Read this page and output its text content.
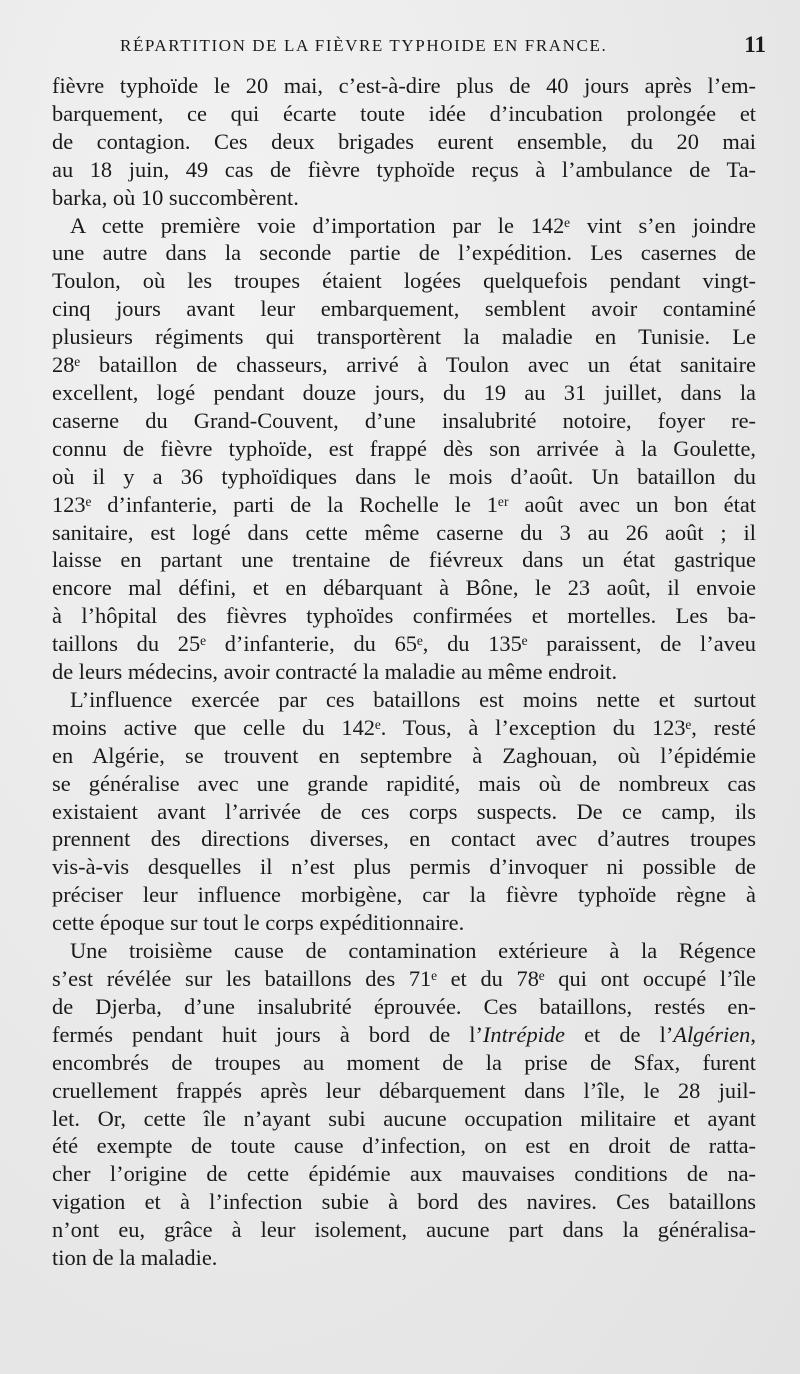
RÉPARTITION DE LA FIÈVRE TYPHOIDE EN FRANCE.	11
fièvre typhoïde le 20 mai, c’est-à-dire plus de 40 jours après l’em-
barquement, ce qui écarte toute idée d’incubation prolongée et
de contagion. Ces deux brigades eurent ensemble, du 20 mai
au 18 juin, 49 cas de fièvre typhoïde reçus à l’ambulance de Ta-
barka, où 10 succombèrent.
A cette première voie d’importation par le 142ᵉ vint s’en joindre
une autre dans la seconde partie de l’expédition. Les casernes de
Toulon, où les troupes étaient logées quelquefois pendant vingt-
cinq jours avant leur embarquement, semblent avoir contaminé
plusieurs régiments qui transportèrent la maladie en Tunisie. Le
28ᵉ bataillon de chasseurs, arrivé à Toulon avec un état sanitaire
excellent, logé pendant douze jours, du 19 au 31 juillet, dans la
caserne du Grand-Couvent, d’une insalubrité notoire, foyer re-
connu de fièvre typhoïde, est frappé dès son arrivée à la Goulette,
où il y a 36 typhoïdiques dans le mois d’août. Un bataillon du
123ᵉ d’infanterie, parti de la Rochelle le 1ᵉʳ août avec un bon état
sanitaire, est logé dans cette même caserne du 3 au 26 août ; il
laisse en partant une trentaine de fiévreux dans un état gastrique
encore mal défini, et en débarquant à Bône, le 23 août, il envoie
à l’hôpital des fièvres typhoïdes confirmées et mortelles. Les ba-
taillons du 25ᵉ d’infanterie, du 65ᵉ, du 135ᵉ paraissent, de l’aveu
de leurs médecins, avoir contracté la maladie au même endroit.
L’influence exercée par ces bataillons est moins nette et surtout
moins active que celle du 142ᵉ. Tous, à l’exception du 123ᵉ, resté
en Algérie, se trouvent en septembre à Zaghouan, où l’épidémie
se généralise avec une grande rapidité, mais où de nombreux cas
existaient avant l’arrivée de ces corps suspects. De ce camp, ils
prennent des directions diverses, en contact avec d’autres troupes
vis-à-vis desquelles il n’est plus permis d’invoquer ni possible de
préciser leur influence morbigène, car la fièvre typhoïde règne à
cette époque sur tout le corps expéditionnaire.
Une troisième cause de contamination extérieure à la Régence
s’est révélée sur les bataillons des 71ᵉ et du 78ᵉ qui ont occupé l’île
de Djerba, d’une insalubrité éprouvée. Ces bataillons, restés en-
fermés pendant huit jours à bord de l’Intrépide et de l’Algérien,
encombrés de troupes au moment de la prise de Sfax, furent
cruellement frappés après leur débarquement dans l’île, le 28 juil-
let. Or, cette île n’ayant subi aucune occupation militaire et ayant
été exempte de toute cause d’infection, on est en droit de ratta-
cher l’origine de cette épidémie aux mauvaises conditions de na-
vigation et à l’infection subie à bord des navires. Ces bataillons
n’ont eu, grâce à leur isolement, aucune part dans la généralisa-
tion de la maladie.
